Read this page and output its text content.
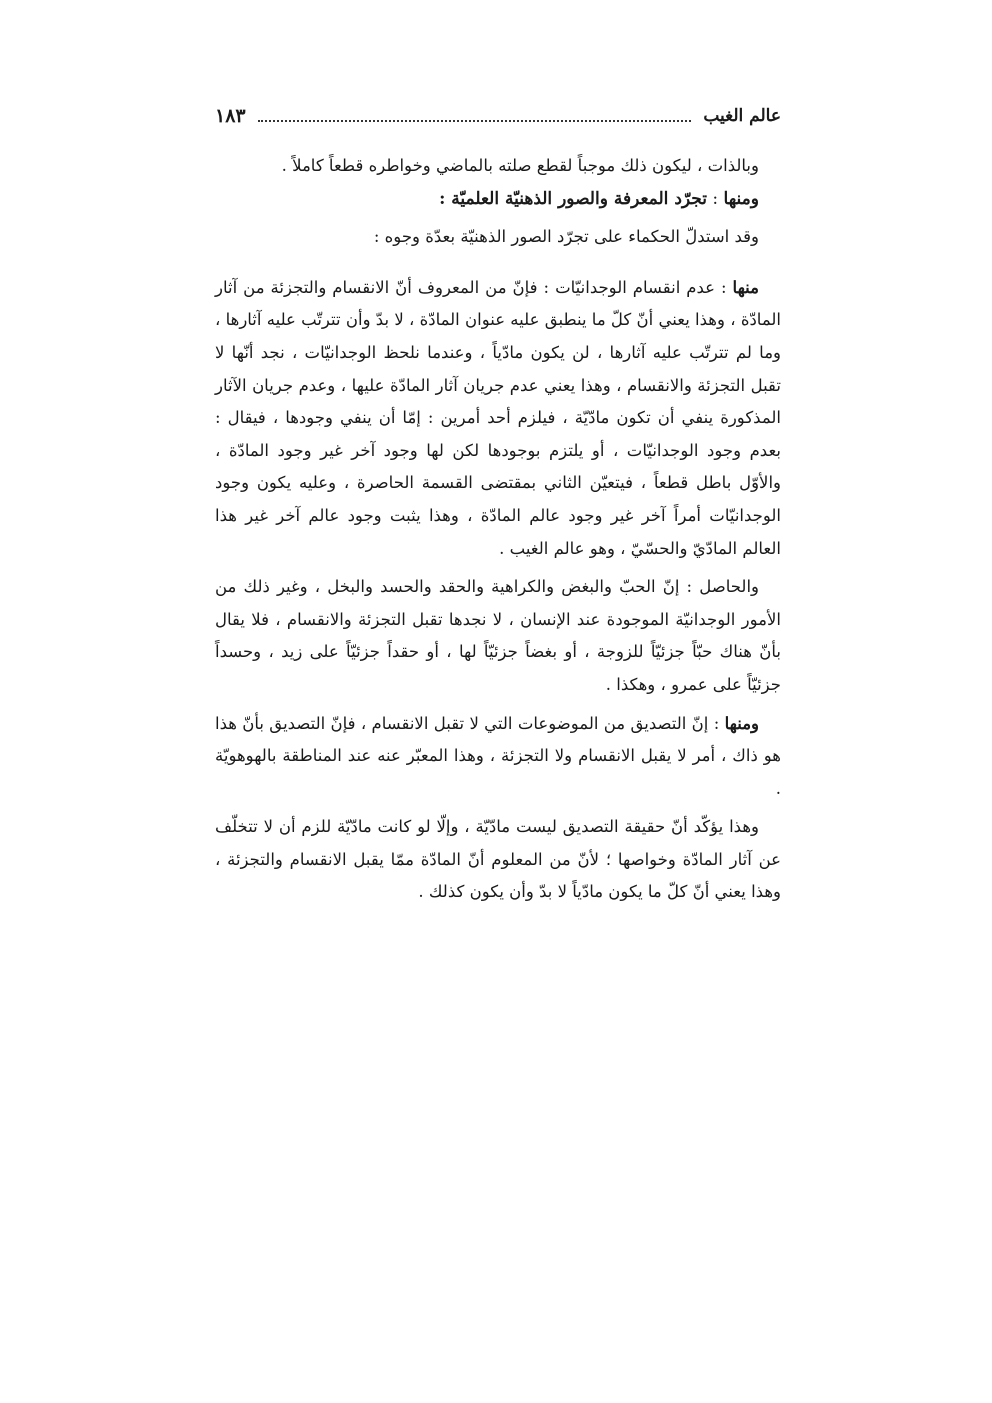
عالم الغيب
١٨٣

وبالذات ، ليكون ذلك موجباً لقطع صلته بالماضي وخواطره قطعاً كاملاً .

ومنها : تجرّد المعرفة والصور الذهنيّة العلميّة :

وقد استدلّ الحكماء على تجرّد الصور الذهنيّة بعدّة وجوه :

منها : عدم انقسام الوجدانيّات : فإنّ من المعروف أنّ الانقسام والتجزئة من آثار المادّة ، وهذا يعني أنّ كلّ ما ينطبق عليه عنوان المادّة ، لا بدّ وأن تترتّب عليه آثارها ، وما لم تترتّب عليه آثارها ، لن يكون مادّياً ، وعندما نلحظ الوجدانيّات ، نجد أنّها لا تقبل التجزئة والانقسام ، وهذا يعني عدم جريان آثار المادّة عليها ، وعدم جريان الآثار المذكورة ينفي أن تكون مادّيّة ، فيلزم أحد أمرين : إمّا أن ينفي وجودها ، فيقال : بعدم وجود الوجدانيّات ، أو يلتزم بوجودها لكن لها وجود آخر غير وجود المادّة ، والأوّل باطل قطعاً ، فيتعيّن الثاني بمقتضى القسمة الحاصرة ، وعليه يكون وجود الوجدانيّات أمراً آخر غير وجود عالم المادّة ، وهذا يثبت وجود عالم آخر غير هذا العالم المادّيّ والحسّيّ ، وهو عالم الغيب .

والحاصل : إنّ الحبّ والبغض والكراهية والحقد والحسد والبخل ، وغير ذلك من الأمور الوجدانيّة الموجودة عند الإنسان ، لا نجدها تقبل التجزئة والانقسام ، فلا يقال بأنّ هناك حبّاً جزئيّاً للزوجة ، أو بغضاً جزئيّاً لها ، أو حقداً جزئيّاً على زيد ، وحسداً جزئيّاً على عمرو ، وهكذا .

ومنها : إنّ التصديق من الموضوعات التي لا تقبل الانقسام ، فإنّ التصديق بأنّ هذا هو ذاك ، أمر لا يقبل الانقسام ولا التجزئة ، وهذا المعبّر عنه عند المناطقة بالهوهويّة .

وهذا يؤكّد أنّ حقيقة التصديق ليست مادّيّة ، وإلّا لو كانت مادّيّة للزم أن لا تتخلّف عن آثار المادّة وخواصها ؛ لأنّ من المعلوم أنّ المادّة ممّا يقبل الانقسام والتجزئة ، وهذا يعني أنّ كلّ ما يكون مادّياً لا بدّ وأن يكون كذلك .
